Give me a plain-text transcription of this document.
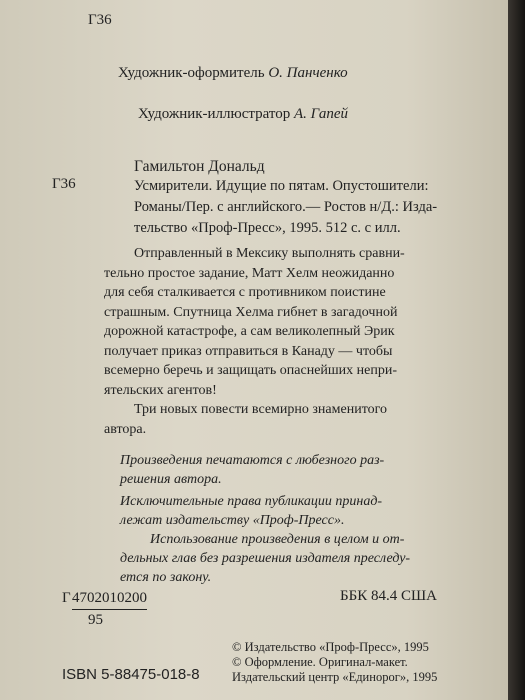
Г36
Художник-оформитель О. Панченко
Художник-иллюстратор А. Гапей
Гамильтон Дональд
Г36	Усмирители. Идущие по пятам. Опустошители:
Романы/Пер. с английского.— Ростов н/Д.: Изда-
тельство «Проф-Пресс», 1995. 512 с. с илл.
Отправленный в Мексику выполнять сравни-
тельно простое задание, Матт Хелм неожиданно
для себя сталкивается с противником поистине
страшным. Спутница Хелма гибнет в загадочной
дорожной катастрофе, а сам великолепный Эрик
получает приказ отправиться в Канаду — чтобы
всемерно беречь и защищать опаснейших непри-
ятельских агентов!
Три новых повести всемирно знаменитого
автора.
Произведения печатаются с любезного раз-
решения автора.
Исключительные права публикации принад-
лежат издательству «Проф-Пресс».
Использование произведения в целом и от-
дельных глав без разрешения издателя преследу-
ется по закону.
Г4702010200
95
ББК 84.4 США
© Издательство «Проф-Пресс», 1995
© Оформление. Оригинал-макет.
Издательский центр «Единорог», 1995
ISBN 5-88475-018-8
